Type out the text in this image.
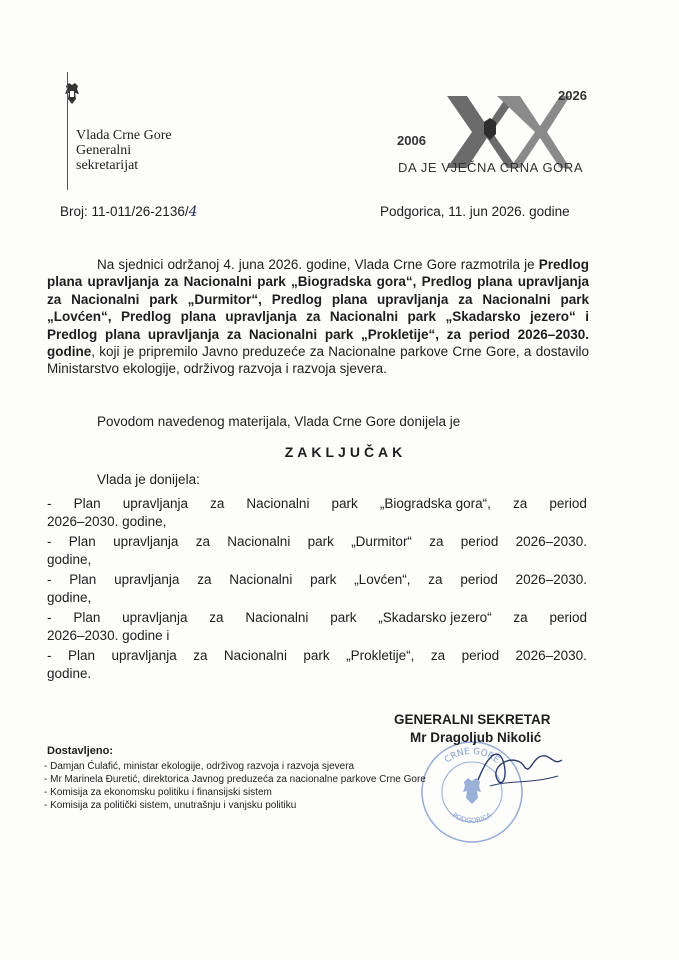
Vlada Crne Gore
Generalni
sekretarijat
2006
2026
DA JE VJEČNA CRNA GORA
Broj: 11-011/26-2136/4	Podgorica, 11. jun 2026. godine

Na sjednici održanoj 4. juna 2026. godine, Vlada Crne Gore razmotrila je Predlog plana upravljanja za Nacionalni park „Biogradska gora“, Predlog plana upravljanja za Nacionalni park „Durmitor“, Predlog plana upravljanja za Nacionalni park „Lovćen“, Predlog plana upravljanja za Nacionalni park „Skadarsko jezero“ i Predlog plana upravljanja za Nacionalni park „Prokletije“, za period 2026–2030. godine, koji je pripremilo Javno preduzeće za Nacionalne parkove Crne Gore, a dostavilo Ministarstvo ekologije, održivog razvoja i razvoja sjevera.

Povodom navedenog materijala, Vlada Crne Gore donijela je
ZAKLJUČAK
Vlada je donijela:
- Plan upravljanja za Nacionalni park „Biogradska gora“, za period
2026–2030. godine,
- Plan upravljanja za Nacionalni park „Durmitor“ za period 2026–2030.
godine,
- Plan upravljanja za Nacionalni park „Lovćen“, za period 2026–2030.
godine,
- Plan upravljanja za Nacionalni park „Skadarsko jezero“ za period
2026–2030. godine i
- Plan upravljanja za Nacionalni park „Prokletije“, za period 2026–2030.
godine.
CRNE GORE
PODGORICA
GENERALNI SEKRETAR
Mr Dragoljub Nikolić
Dostavljeno:
- Damjan Ćulafić, ministar ekologije, održivog razvoja i razvoja sjevera
- Mr Marinela Đuretić, direktorica Javnog preduzeća za nacionalne parkove Crne Gore
- Komisija za ekonomsku politiku i finansijski sistem
- Komisija za politički sistem, unutrašnju i vanjsku politiku
